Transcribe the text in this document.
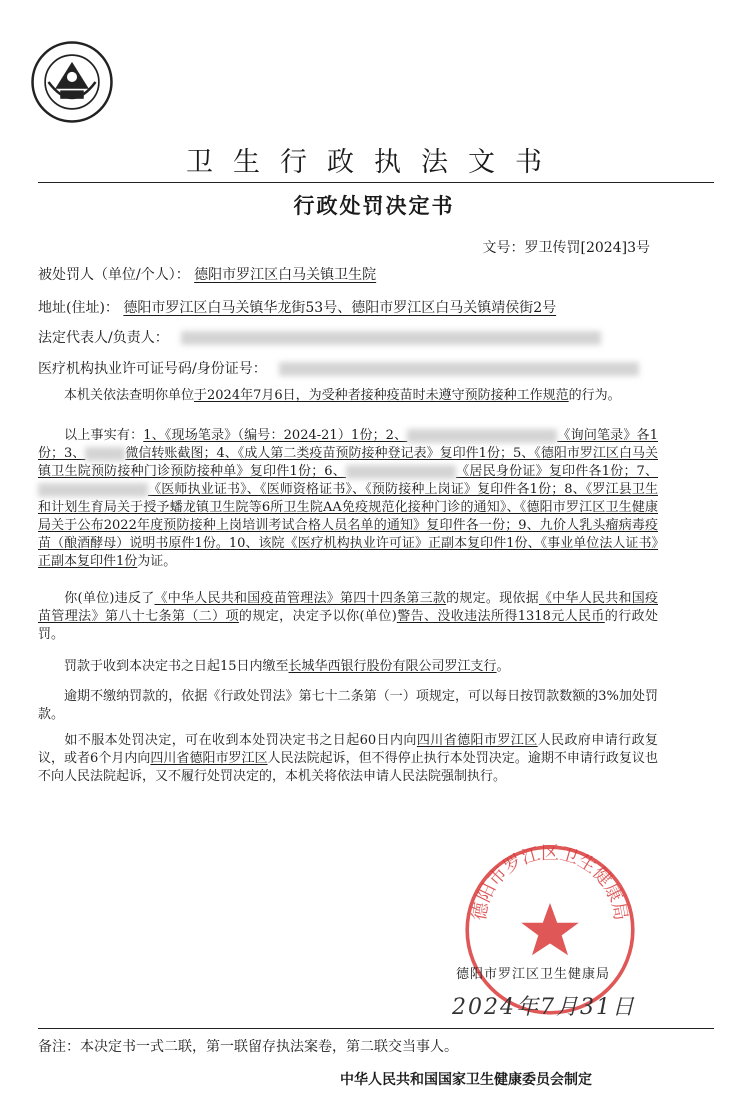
卫生行政执法文书
行政处罚决定书
文号：罗卫传罚[2024]3号
被处罚人（单位/个人）： 德阳市罗江区白马关镇卫生院
地址(住址)： 德阳市罗江区白马关镇华龙街53号、德阳市罗江区白马关镇靖侯街2号
法定代表人/负责人：
医疗机构执业许可证号码/身份证号：
  本机关依法查明你单位于2024年7月6日，为受种者接种疫苗时未遵守预防接种工作规范的行为。
  以上事实有：1、《现场笔录》（编号：2024-21）1份；2、	《询问笔录》各1份；3、	微信转账截图；4、《成人第二类疫苗预防接种登记表》复印件1份；5、《德阳市罗江区白马关镇卫生院预防接种门诊预防接种单》复印件1份；6、	《居民身份证》复印件各1份；7、《医师执业证书》、《医师资格证书》、《预防接种上岗证》复印件各1份；8、《罗江县卫生和计划生育局关于授予蟠龙镇卫生院等6所卫生院AA免疫规范化接种门诊的通知》、《德阳市罗江区卫生健康局关于公布2022年度预防接种上岗培训考试合格人员名单的通知》复印件各一份；9、九价人乳头瘤病毒疫苗（酿酒酵母）说明书原件1份。10、该院《医疗机构执业许可证》正副本复印件1份、《事业单位法人证书》正副本复印件1份为证。
  你(单位)违反了《中华人民共和国疫苗管理法》第四十四条第三款的规定。现依据《中华人民共和国疫苗管理法》第八十七条第（二）项的规定，决定予以你(单位)警告、没收违法所得1318元人民币的行政处罚。
  罚款于收到本决定书之日起15日内缴至长城华西银行股份有限公司罗江支行。
  逾期不缴纳罚款的，依据《行政处罚法》第七十二条第（一）项规定，可以每日按罚款数额的3%加处罚款。
  如不服本处罚决定，可在收到本处罚决定书之日起60日内向四川省德阳市罗江区人民政府申请行政复议，或者6个月内向四川省德阳市罗江区人民法院起诉，但不得停止执行本处罚决定。逾期不申请行政复议也不向人民法院起诉，又不履行处罚决定的，本机关将依法申请人民法院强制执行。
德阳市罗江区卫生健康局
德阳市罗江区卫生健康局
2024年7月31日
备注：本决定书一式二联，第一联留存执法案卷，第二联交当事人。
中华人民共和国国家卫生健康委员会制定
